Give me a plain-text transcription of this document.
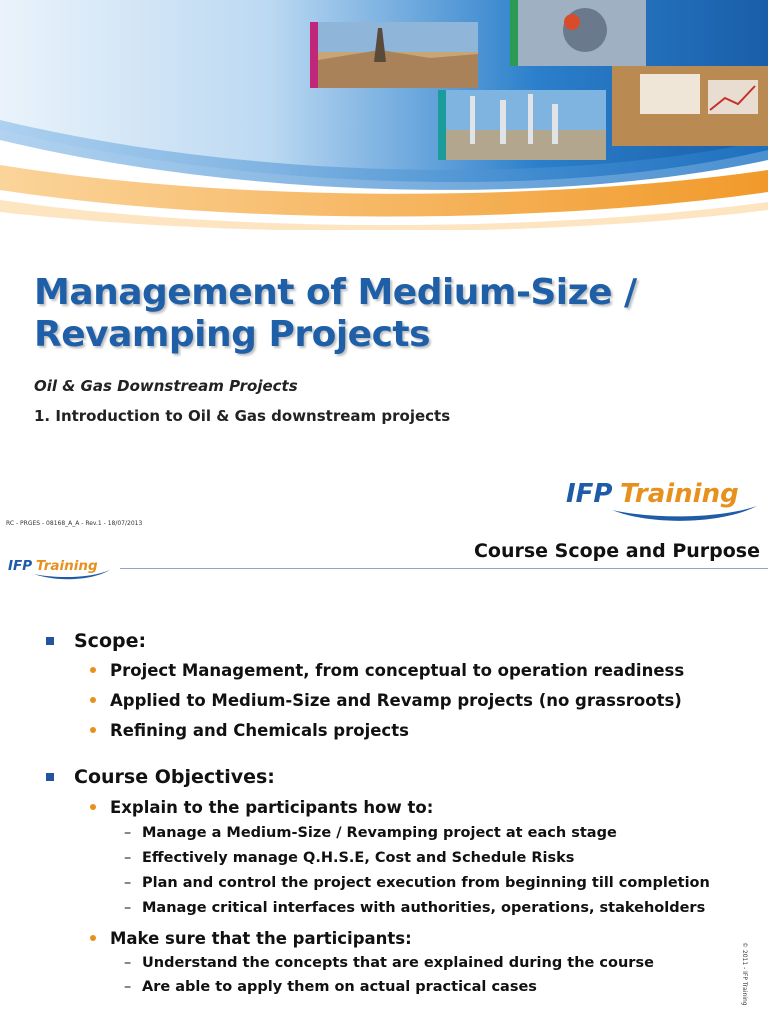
Management of Medium-Size /
Revamping Projects
Oil & Gas Downstream Projects
1. Introduction to Oil & Gas downstream projects
RC - PRGES - 08168_A_A - Rev.1 - 18/07/2013
IFP Training
IFP Training
Course Scope and Purpose
Scope:
Project Management, from conceptual to operation readiness
Applied to Medium-Size and Revamp projects (no grassroots)
Refining and Chemicals projects
Course Objectives:
Explain to the participants how to:
– Manage a Medium-Size / Revamping project at each stage
– Effectively manage Q.H.S.E, Cost and Schedule Risks
– Plan and control the project execution from beginning till completion
– Manage critical interfaces with authorities, operations, stakeholders
Make sure that the participants:
– Understand the concepts that are explained during the course
– Are able to apply them on actual practical cases	© 2011 - IFP Training
